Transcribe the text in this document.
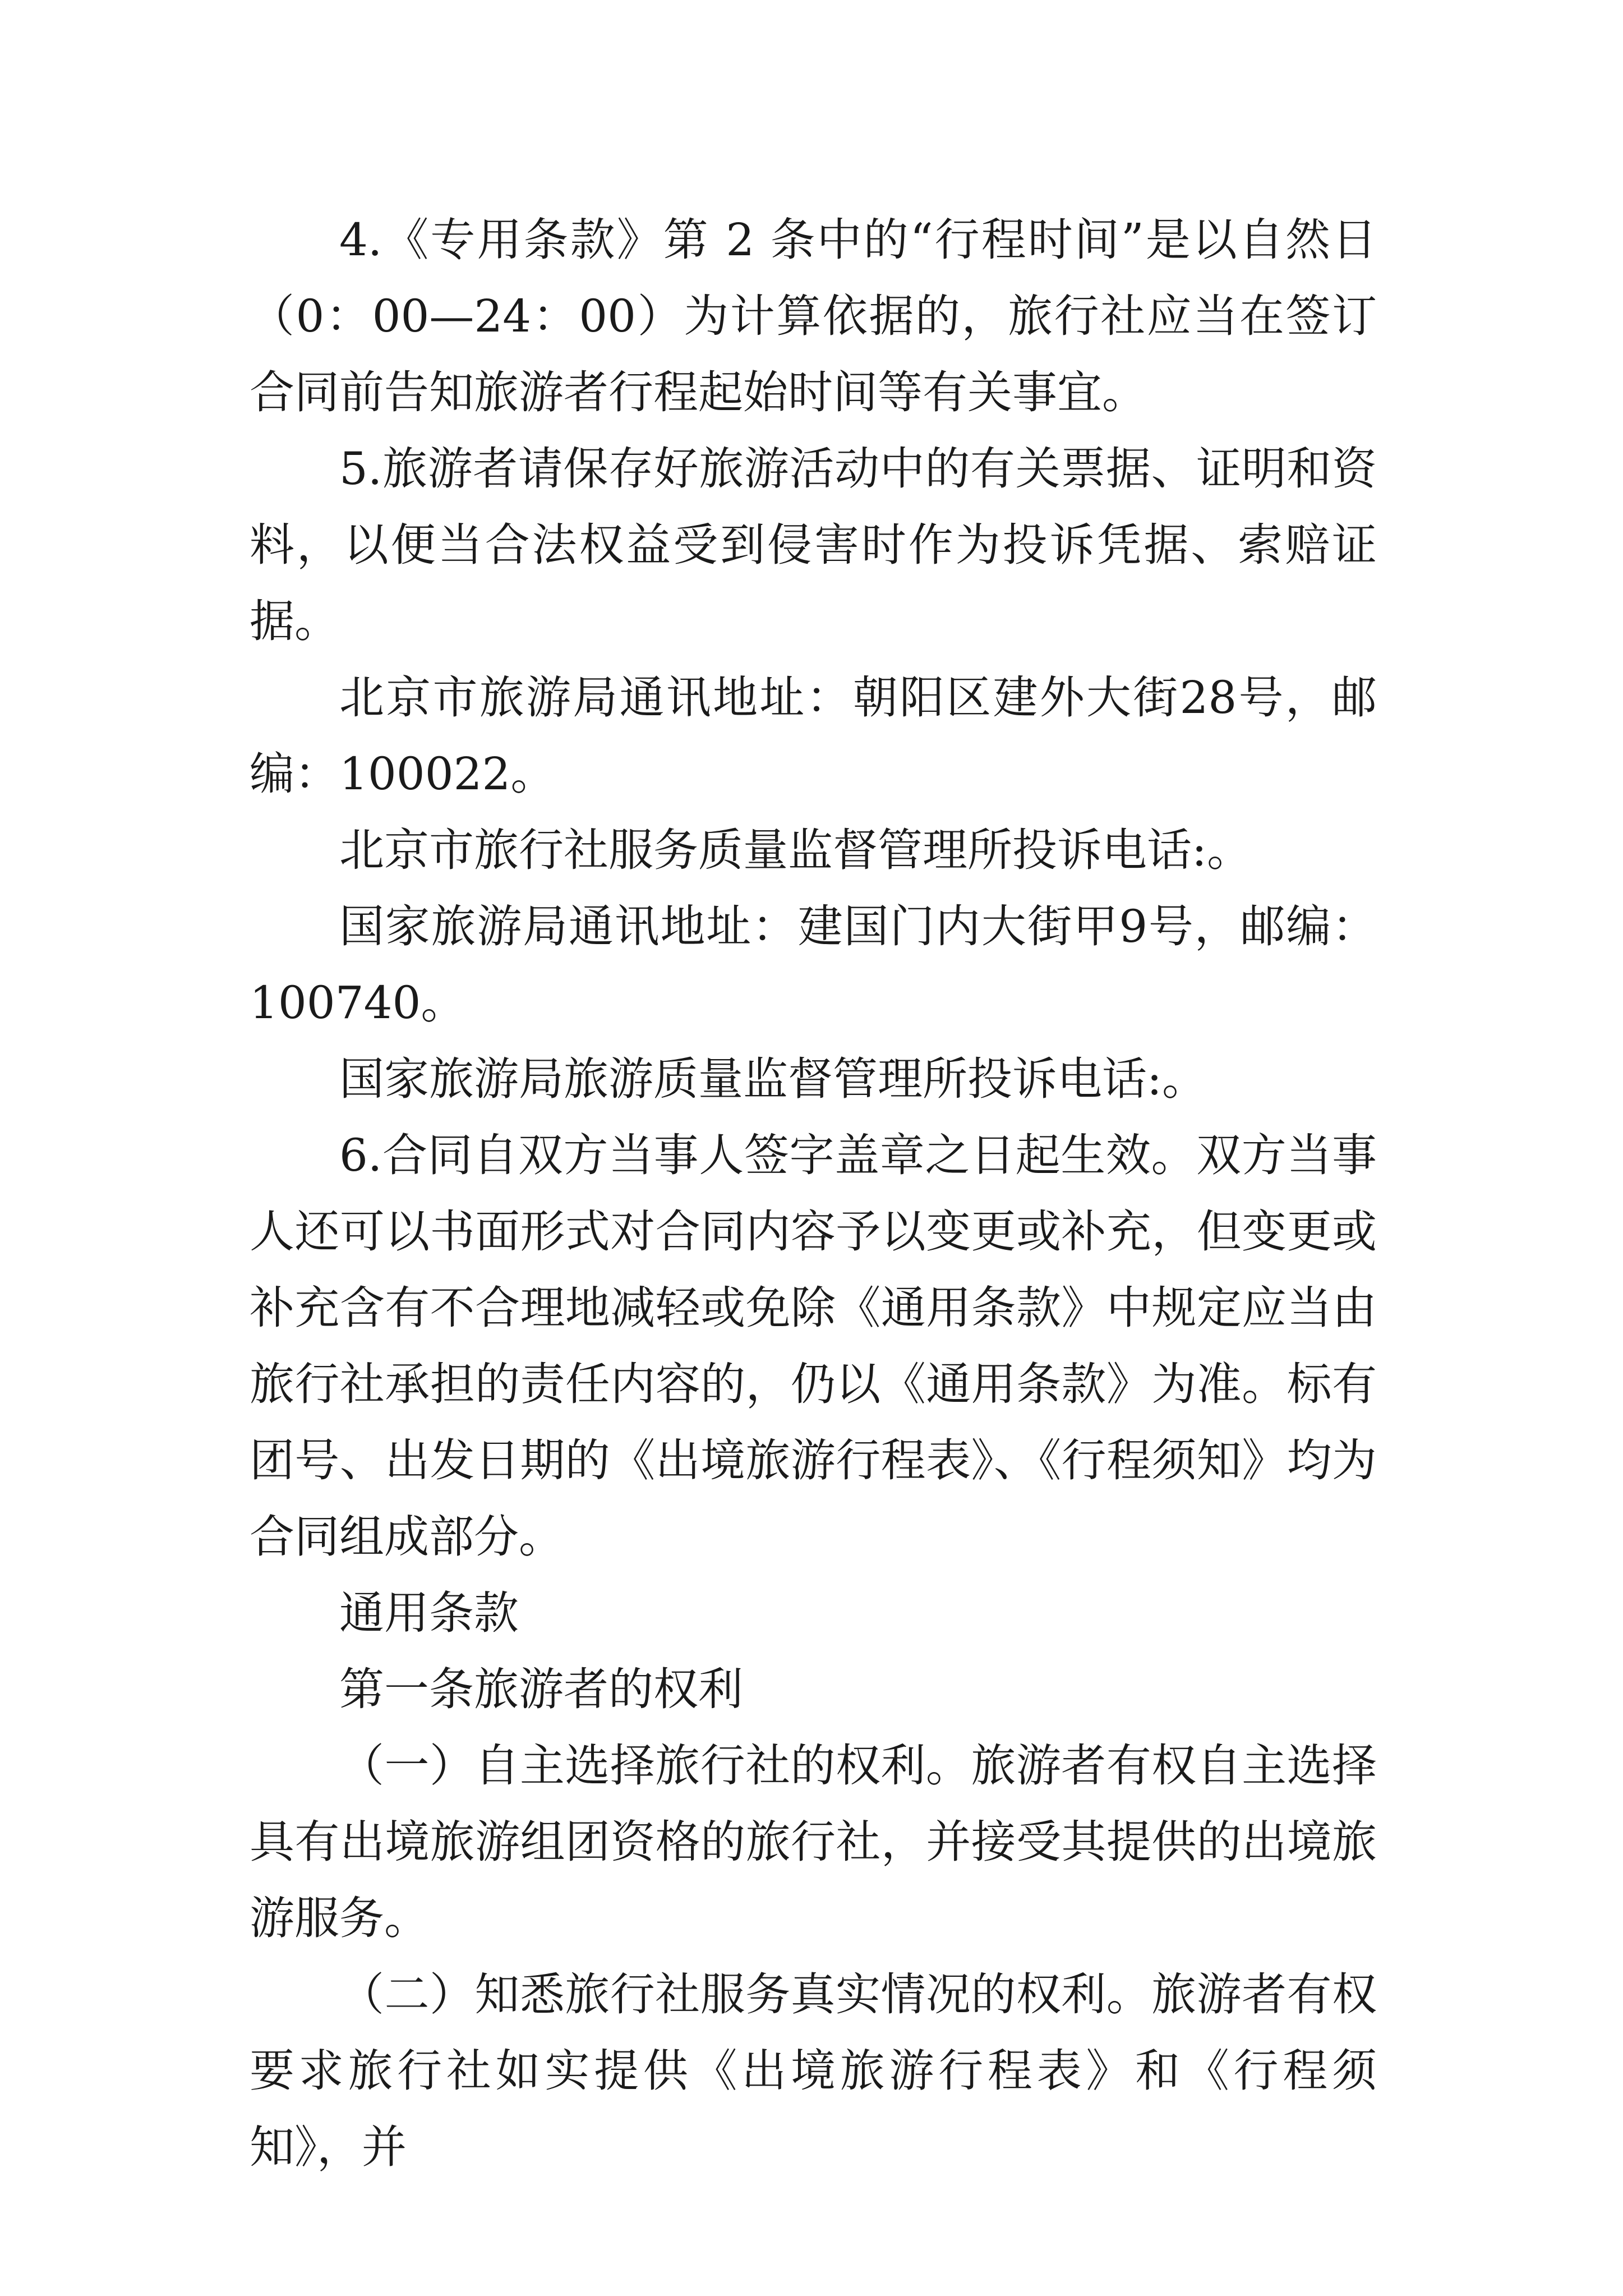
4.《专用条款》第 2 条中的“行程时间”是以自然日（0：00—24：00）为计算依据的，旅行社应当在签订合同前告知旅游者行程起始时间等有关事宜。

5.旅游者请保存好旅游活动中的有关票据、证明和资料，以便当合法权益受到侵害时作为投诉凭据、索赔证据。

北京市旅游局通讯地址：朝阳区建外大街28号，邮编：100022。

北京市旅行社服务质量监督管理所投诉电话:。

国家旅游局通讯地址：建国门内大街甲9号，邮编：100740。

国家旅游局旅游质量监督管理所投诉电话:。

6.合同自双方当事人签字盖章之日起生效。双方当事人还可以书面形式对合同内容予以变更或补充，但变更或补充含有不合理地减轻或免除《通用条款》中规定应当由旅行社承担的责任内容的，仍以《通用条款》为准。标有团号、出发日期的《出境旅游行程表》、《行程须知》均为合同组成部分。

通用条款

第一条旅游者的权利

（一）自主选择旅行社的权利。旅游者有权自主选择具有出境旅游组团资格的旅行社，并接受其提供的出境旅游服务。

（二）知悉旅行社服务真实情况的权利。旅游者有权要求旅行社如实提供《出境旅游行程表》和《行程须知》，并
